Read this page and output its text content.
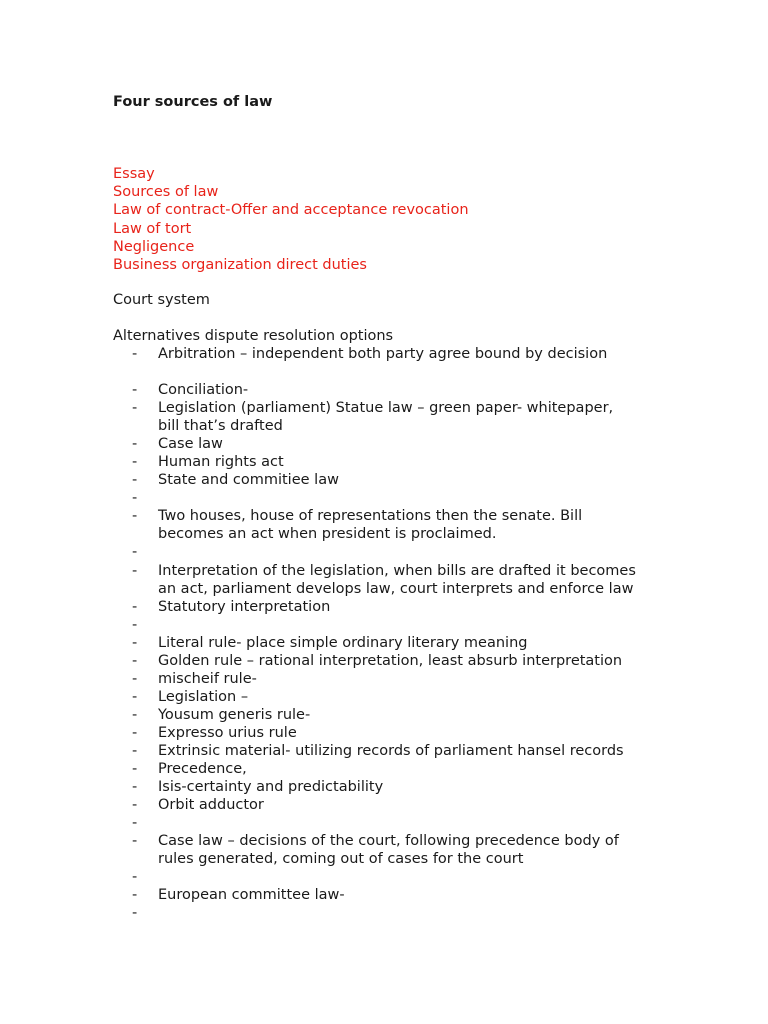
Four sources of law
Essay
Sources of law
Law of contract-Offer and acceptance revocation
Law of tort
Negligence
Business organization direct duties
Court system
Alternatives dispute resolution options
- Arbitration – independent both party agree bound by decision
- Conciliation-
- Legislation (parliament) Statue law – green paper- whitepaper,
bill that’s drafted
- Case law
- Human rights act
- State and commitiee law
-
- Two houses, house of representations then the senate. Bill
becomes an act when president is proclaimed.
-
- Interpretation of the legislation, when bills are drafted it becomes
an act, parliament develops law, court interprets and enforce law
- Statutory interpretation
-
- Literal rule- place simple ordinary literary meaning
- Golden rule – rational interpretation, least absurb interpretation
- mischeif rule-
- Legislation –
- Yousum generis rule-
- Expresso urius rule
- Extrinsic material- utilizing records of parliament hansel records
- Precedence,
- Isis-certainty and predictability
- Orbit adductor
-
- Case law – decisions of the court, following precedence body of
rules generated, coming out of cases for the court
-
- European committee law-
-
